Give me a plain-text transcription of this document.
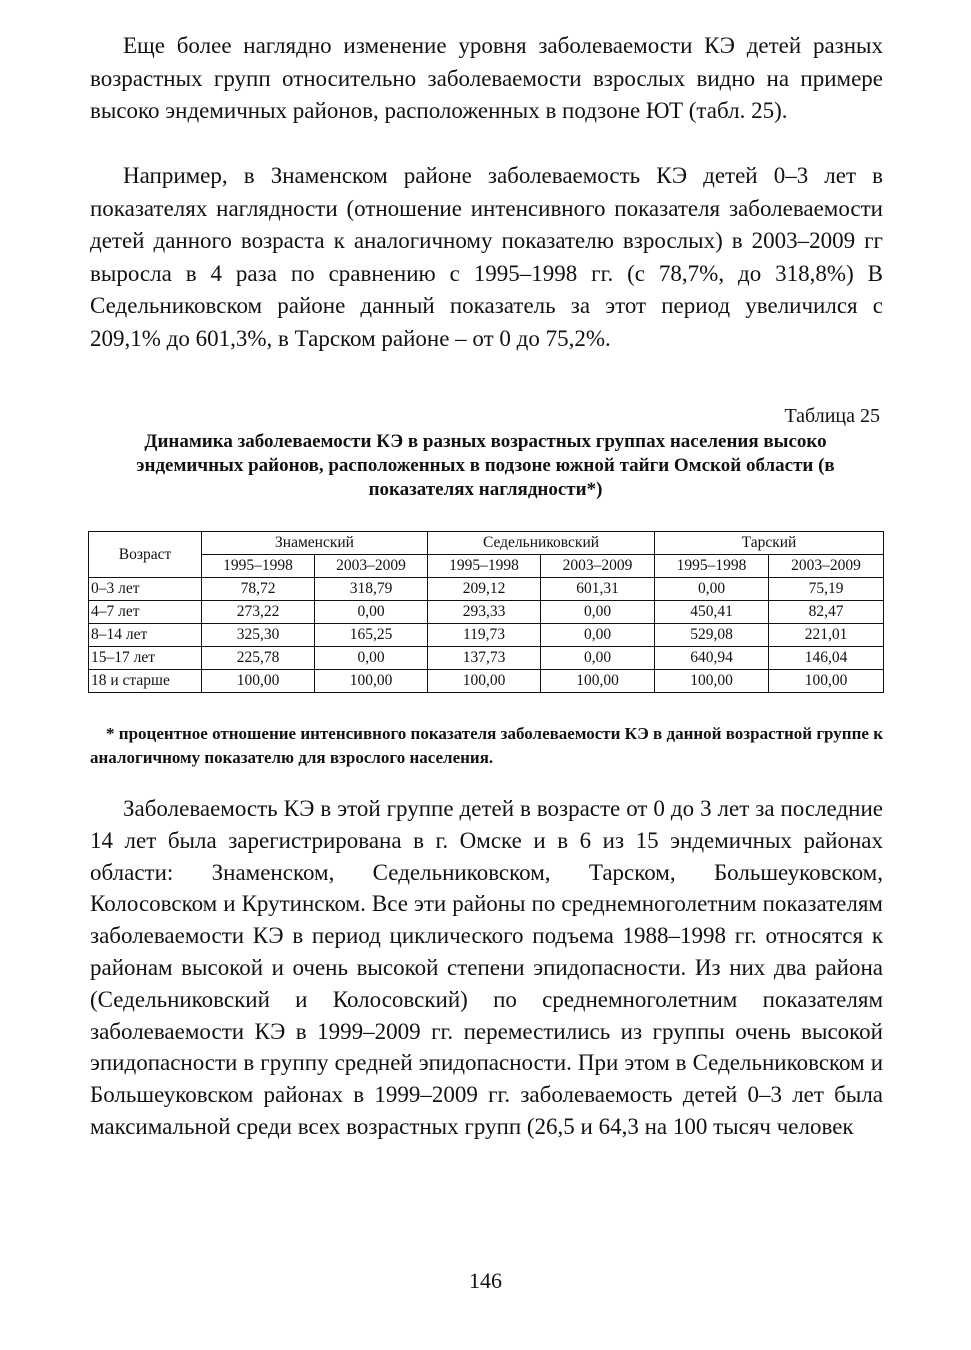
Еще более наглядно изменение уровня заболеваемости КЭ детей разных возрастных групп относительно заболеваемости взрослых видно на примере высоко эндемичных районов, расположенных в подзоне ЮТ (табл. 25).

Например, в Знаменском районе заболеваемость КЭ детей 0–3 лет в показателях наглядности (отношение интенсивного показателя заболеваемости детей данного возраста к аналогичному показателю взрослых) в 2003–2009 гг выросла в 4 раза по сравнению с 1995–1998 гг. (с 78,7%, до 318,8%) В Седельниковском районе данный показатель за этот период увеличился с 209,1% до 601,3%, в Тарском районе – от 0 до 75,2%.

Таблица 25
Динамика заболеваемости КЭ в разных возрастных группах населения высоко эндемичных районов, расположенных в подзоне южной тайги Омской области (в показателях наглядности*)
Возраст	Знаменский		Седельниковский		Тарский	
	1995–1998	2003–2009	1995–1998	2003–2009	1995–1998	2003–2009
0–3 лет	78,72	318,79	209,12	601,31	0,00	75,19
4–7 лет	273,22	0,00	293,33	0,00	450,41	82,47
8–14 лет	325,30	165,25	119,73	0,00	529,08	221,01
15–17 лет	225,78	0,00	137,73	0,00	640,94	146,04
18 и старше	100,00	100,00	100,00	100,00	100,00	100,00

* процентное отношение интенсивного показателя заболеваемости КЭ в данной возрастной группе к аналогичному показателю для взрослого населения.

Заболеваемость КЭ в этой группе детей в возрасте от 0 до 3 лет за последние 14 лет была зарегистрирована в г. Омске и в 6 из 15 эндемичных районах области: Знаменском, Седельниковском, Тарском, Большеуковском, Колосовском и Крутинском. Все эти районы по среднемноголетним показателям заболеваемости КЭ в период циклического подъема 1988–1998 гг. относятся к районам высокой и очень высокой степени эпидопасности. Из них два района (Седельниковский и Колосовский) по среднемноголетним показателям заболеваемости КЭ в 1999–2009 гг. переместились из группы очень высокой эпидопасности в группу средней эпидопасности. При этом в Седельниковском и Большеуковском районах в 1999–2009 гг. заболеваемость детей 0–3 лет была максимальной среди всех возрастных групп (26,5 и 64,3 на 100 тысяч человек

146
